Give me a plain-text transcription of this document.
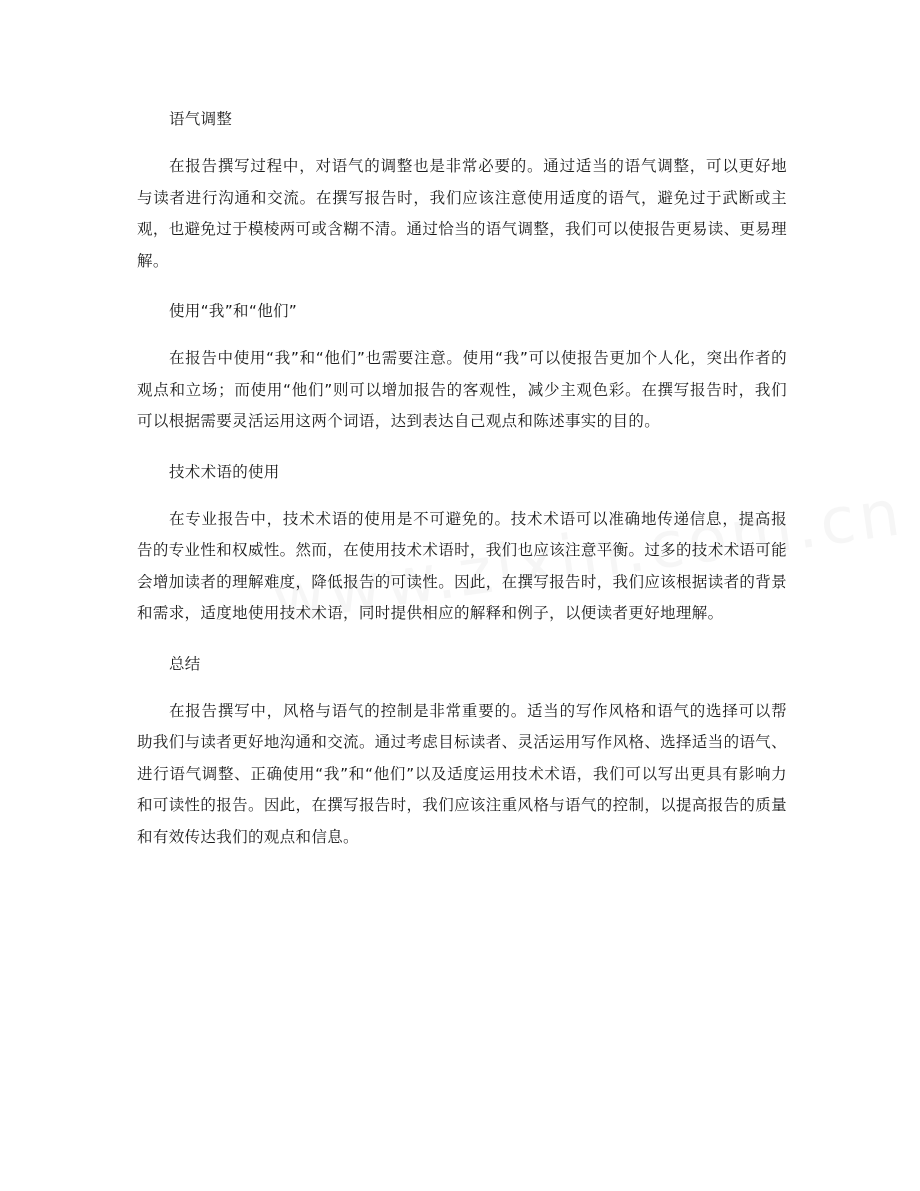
语气调整

在报告撰写过程中，对语气的调整也是非常必要的。通过适当的语气调整，可以更好地与读者进行沟通和交流。在撰写报告时，我们应该注意使用适度的语气，避免过于武断或主观，也避免过于模棱两可或含糊不清。通过恰当的语气调整，我们可以使报告更易读、更易理解。

使用“我”和“他们”

在报告中使用“我”和“他们”也需要注意。使用“我”可以使报告更加个人化，突出作者的观点和立场；而使用“他们”则可以增加报告的客观性，减少主观色彩。在撰写报告时，我们可以根据需要灵活运用这两个词语，达到表达自己观点和陈述事实的目的。

技术术语的使用

在专业报告中，技术术语的使用是不可避免的。技术术语可以准确地传递信息，提高报告的专业性和权威性。然而，在使用技术术语时，我们也应该注意平衡。过多的技术术语可能会增加读者的理解难度，降低报告的可读性。因此，在撰写报告时，我们应该根据读者的背景和需求，适度地使用技术术语，同时提供相应的解释和例子，以便读者更好地理解。

总结

在报告撰写中，风格与语气的控制是非常重要的。适当的写作风格和语气的选择可以帮助我们与读者更好地沟通和交流。通过考虑目标读者、灵活运用写作风格、选择适当的语气、进行语气调整、正确使用“我”和“他们”以及适度运用技术术语，我们可以写出更具有影响力和可读性的报告。因此，在撰写报告时，我们应该注重风格与语气的控制，以提高报告的质量和有效传达我们的观点和信息。
